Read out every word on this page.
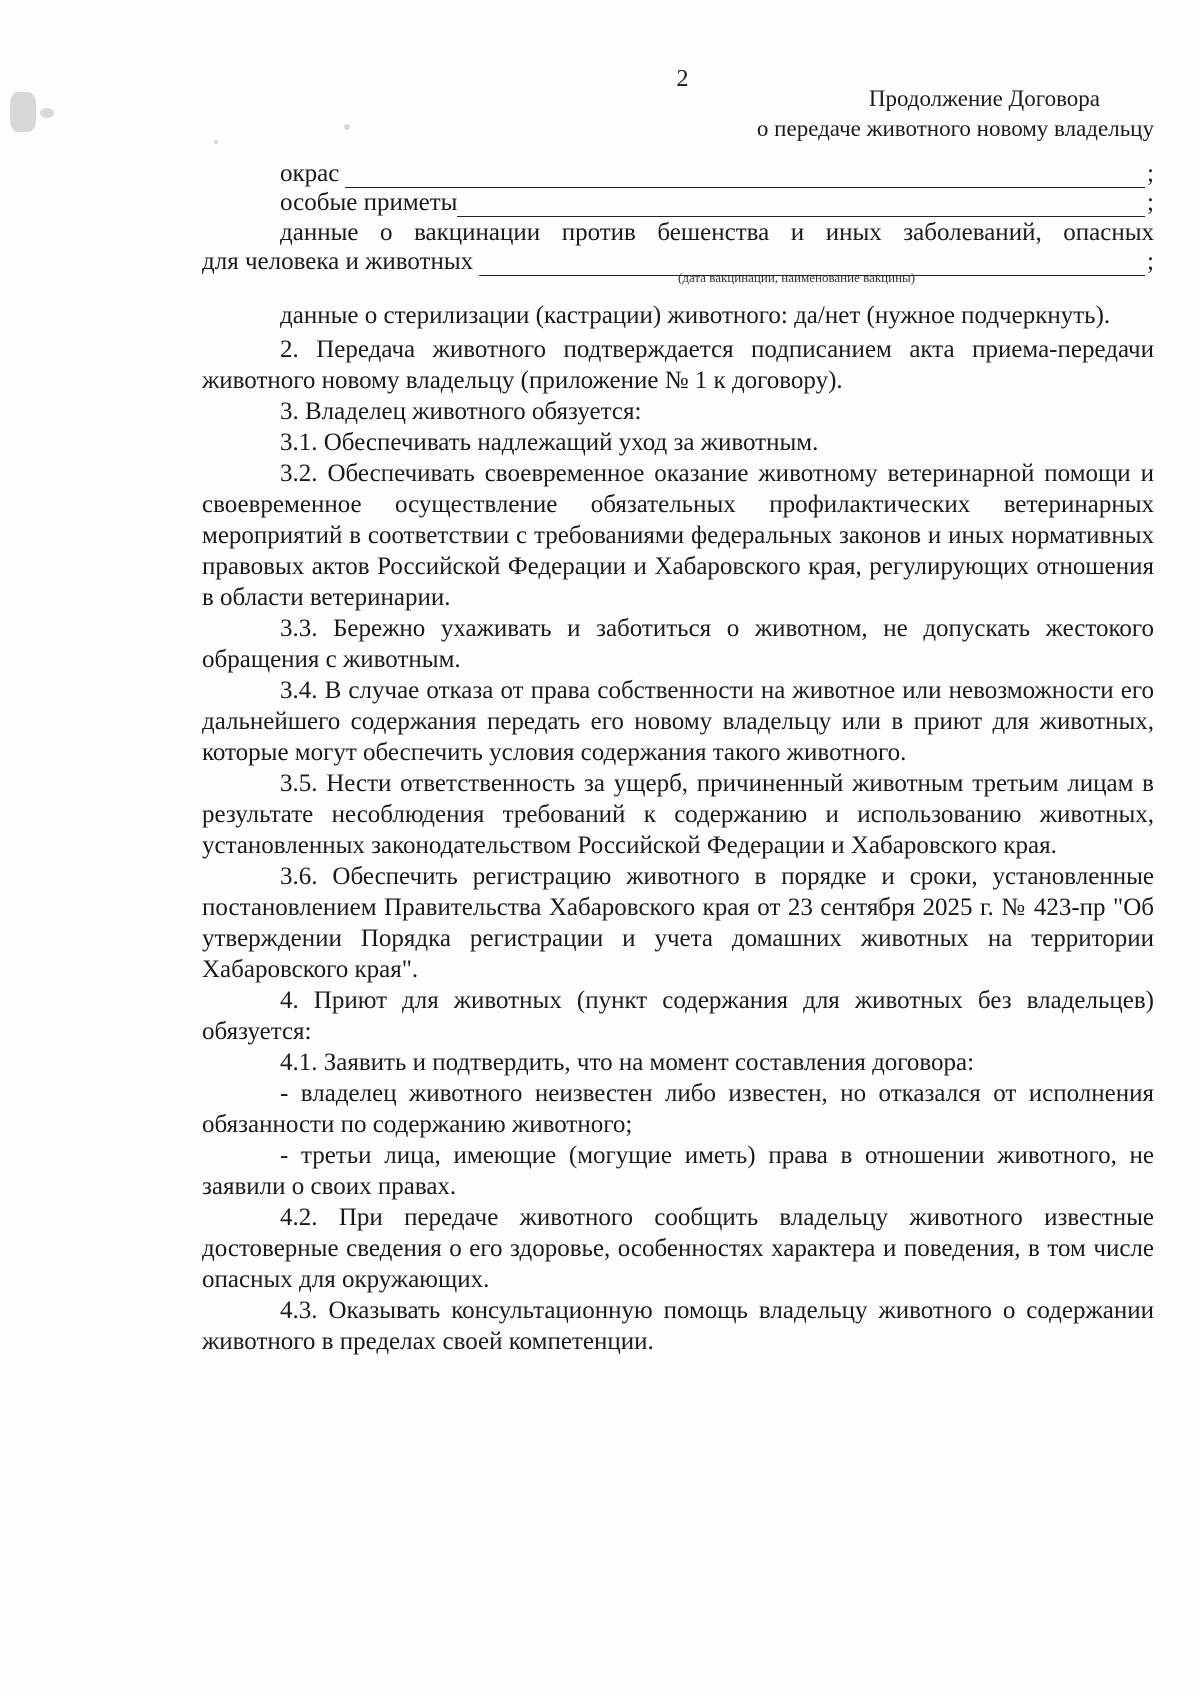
2
Продолжение Договора
о передаче животного новому владельцу
окрас	;
особые приметы	;
данные о вакцинации против бешенства и иных заболеваний, опасных
для человека и животных	;
(дата вакцинации, наименование вакцины)

данные о стерилизации (кастрации) животного: да/нет (нужное подчеркнуть).

2. Передача животного подтверждается подписанием акта приема-передачи животного новому владельцу (приложение № 1 к договору).

3. Владелец животного обязуется:

3.1. Обеспечивать надлежащий уход за животным.

3.2. Обеспечивать своевременное оказание животному ветеринарной помощи и своевременное осуществление обязательных профилактических ветеринарных мероприятий в соответствии с требованиями федеральных законов и иных нормативных правовых актов Российской Федерации и Хабаровского края, регулирующих отношения в области ветеринарии.

3.3. Бережно ухаживать и заботиться о животном, не допускать жестокого обращения с животным.

3.4. В случае отказа от права собственности на животное или невозможности его дальнейшего содержания передать его новому владельцу или в приют для животных, которые могут обеспечить условия содержания такого животного.

3.5. Нести ответственность за ущерб, причиненный животным третьим лицам в результате несоблюдения требований к содержанию и использованию животных, установленных законодательством Российской Федерации и Хабаровского края.

3.6. Обеспечить регистрацию животного в порядке и сроки, установленные постановлением Правительства Хабаровского края от 23 сентября 2025 г. № 423-пр "Об утверждении Порядка регистрации и учета домашних животных на территории Хабаровского края".

4. Приют для животных (пункт содержания для животных без владельцев) обязуется:

4.1. Заявить и подтвердить, что на момент составления договора:

- владелец животного неизвестен либо известен, но отказался от исполнения обязанности по содержанию животного;

- третьи лица, имеющие (могущие иметь) права в отношении животного, не заявили о своих правах.

4.2. При передаче животного сообщить владельцу животного известные достоверные сведения о его здоровье, особенностях характера и поведения, в том числе опасных для окружающих.

4.3. Оказывать консультационную помощь владельцу животного о содержании животного в пределах своей компетенции.
